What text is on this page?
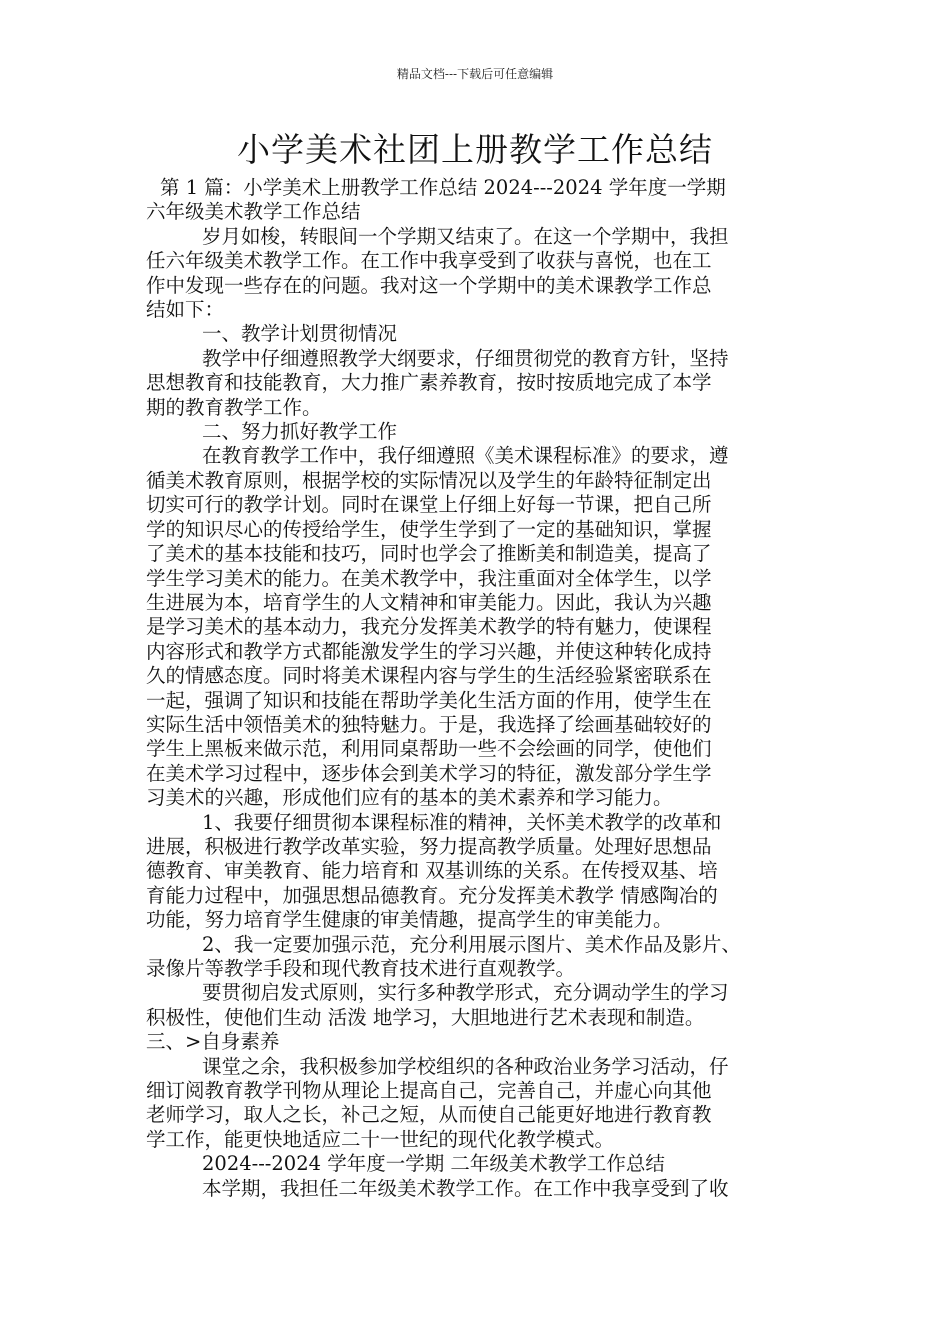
精品文档---下载后可任意编辑
小学美术社团上册教学工作总结

第 1 篇：小学美术上册教学工作总结 2024---2024 学年度一学期

六年级美术教学工作总结

岁月如梭，转眼间一个学期又结束了。在这一个学期中，我担

任六年级美术教学工作。在工作中我享受到了收获与喜悦，也在工

作中发现一些存在的问题。我对这一个学期中的美术课教学工作总

结如下：

一、教学计划贯彻情况

教学中仔细遵照教学大纲要求，仔细贯彻党的教育方针，坚持

思想教育和技能教育，大力推广素养教育，按时按质地完成了本学

期的教育教学工作。

二、努力抓好教学工作

在教育教学工作中，我仔细遵照《美术课程标准》的要求，遵

循美术教育原则，根据学校的实际情况以及学生的年龄特征制定出

切实可行的教学计划。同时在课堂上仔细上好每一节课，把自己所

学的知识尽心的传授给学生，使学生学到了一定的基础知识，掌握

了美术的基本技能和技巧，同时也学会了推断美和制造美，提高了

学生学习美术的能力。在美术教学中，我注重面对全体学生，以学

生进展为本，培育学生的人文精神和审美能力。因此，我认为兴趣

是学习美术的基本动力，我充分发挥美术教学的特有魅力，使课程

内容形式和教学方式都能激发学生的学习兴趣，并使这种转化成持

久的情感态度。同时将美术课程内容与学生的生活经验紧密联系在

一起，强调了知识和技能在帮助学美化生活方面的作用，使学生在

实际生活中领悟美术的独特魅力。于是，我选择了绘画基础较好的

学生上黑板来做示范，利用同桌帮助一些不会绘画的同学，使他们

在美术学习过程中，逐步体会到美术学习的特征，激发部分学生学

习美术的兴趣，形成他们应有的基本的美术素养和学习能力。

1、我要仔细贯彻本课程标准的精神，关怀美术教学的改革和

进展，积极进行教学改革实验，努力提高教学质量。处理好思想品

德教育、审美教育、能力培育和 双基训练的关系。在传授双基、培

育能力过程中，加强思想品德教育。充分发挥美术教学 情感陶冶的

功能，努力培育学生健康的审美情趣，提高学生的审美能力。

2、我一定要加强示范，充分利用展示图片、美术作品及影片、

录像片等教学手段和现代教育技术进行直观教学。

要贯彻启发式原则，实行多种教学形式，充分调动学生的学习

积极性，使他们生动 活泼 地学习，大胆地进行艺术表现和制造。

三、>自身素养

课堂之余，我积极参加学校组织的各种政治业务学习活动，仔

细订阅教育教学刊物从理论上提高自己，完善自己，并虚心向其他

老师学习，取人之长，补己之短，从而使自己能更好地进行教育教

学工作，能更快地适应二十一世纪的现代化教学模式。

2024---2024 学年度一学期 二年级美术教学工作总结

本学期，我担任二年级美术教学工作。在工作中我享受到了收
